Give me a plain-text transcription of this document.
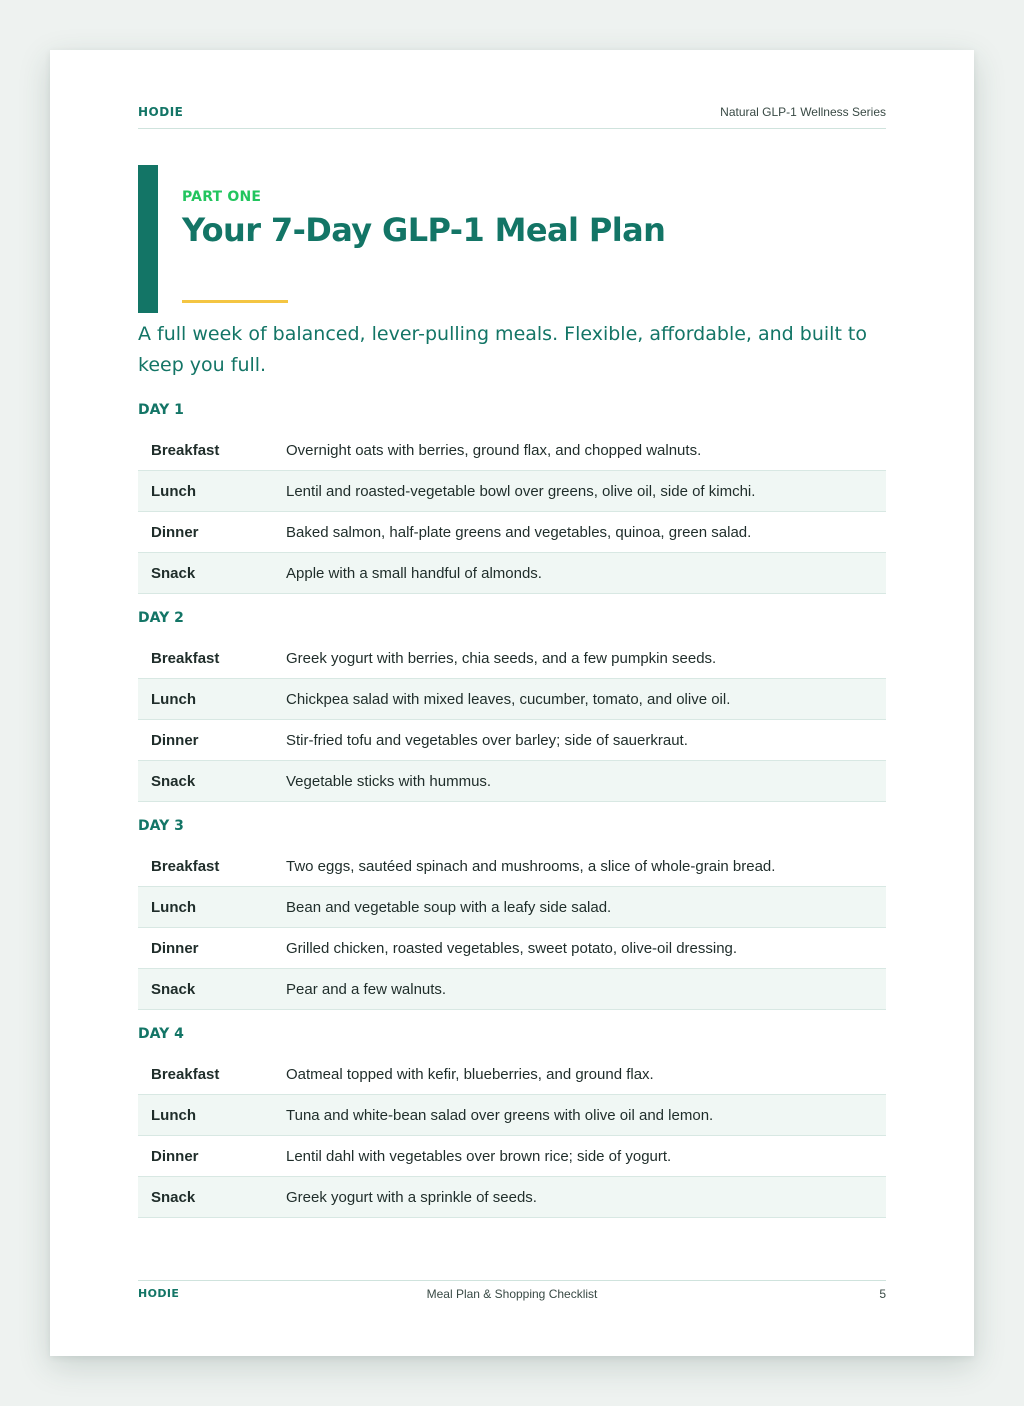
HODIE	Natural GLP-1 Wellness Series
PART ONE
Your 7-Day GLP-1 Meal Plan

A full week of balanced, lever-pulling meals. Flexible, affordable, and built to keep you full.

DAY 1
Breakfast	Overnight oats with berries, ground flax, and chopped walnuts.
Lunch	Lentil and roasted-vegetable bowl over greens, olive oil, side of kimchi.
Dinner	Baked salmon, half-plate greens and vegetables, quinoa, green salad.
Snack	Apple with a small handful of almonds.
DAY 2
Breakfast	Greek yogurt with berries, chia seeds, and a few pumpkin seeds.
Lunch	Chickpea salad with mixed leaves, cucumber, tomato, and olive oil.
Dinner	Stir-fried tofu and vegetables over barley; side of sauerkraut.
Snack	Vegetable sticks with hummus.
DAY 3
Breakfast	Two eggs, sautéed spinach and mushrooms, a slice of whole-grain bread.
Lunch	Bean and vegetable soup with a leafy side salad.
Dinner	Grilled chicken, roasted vegetables, sweet potato, olive-oil dressing.
Snack	Pear and a few walnuts.
DAY 4
Breakfast	Oatmeal topped with kefir, blueberries, and ground flax.
Lunch	Tuna and white-bean salad over greens with olive oil and lemon.
Dinner	Lentil dahl with vegetables over brown rice; side of yogurt.
Snack	Greek yogurt with a sprinkle of seeds.
HODIE	Meal Plan & Shopping Checklist	5
